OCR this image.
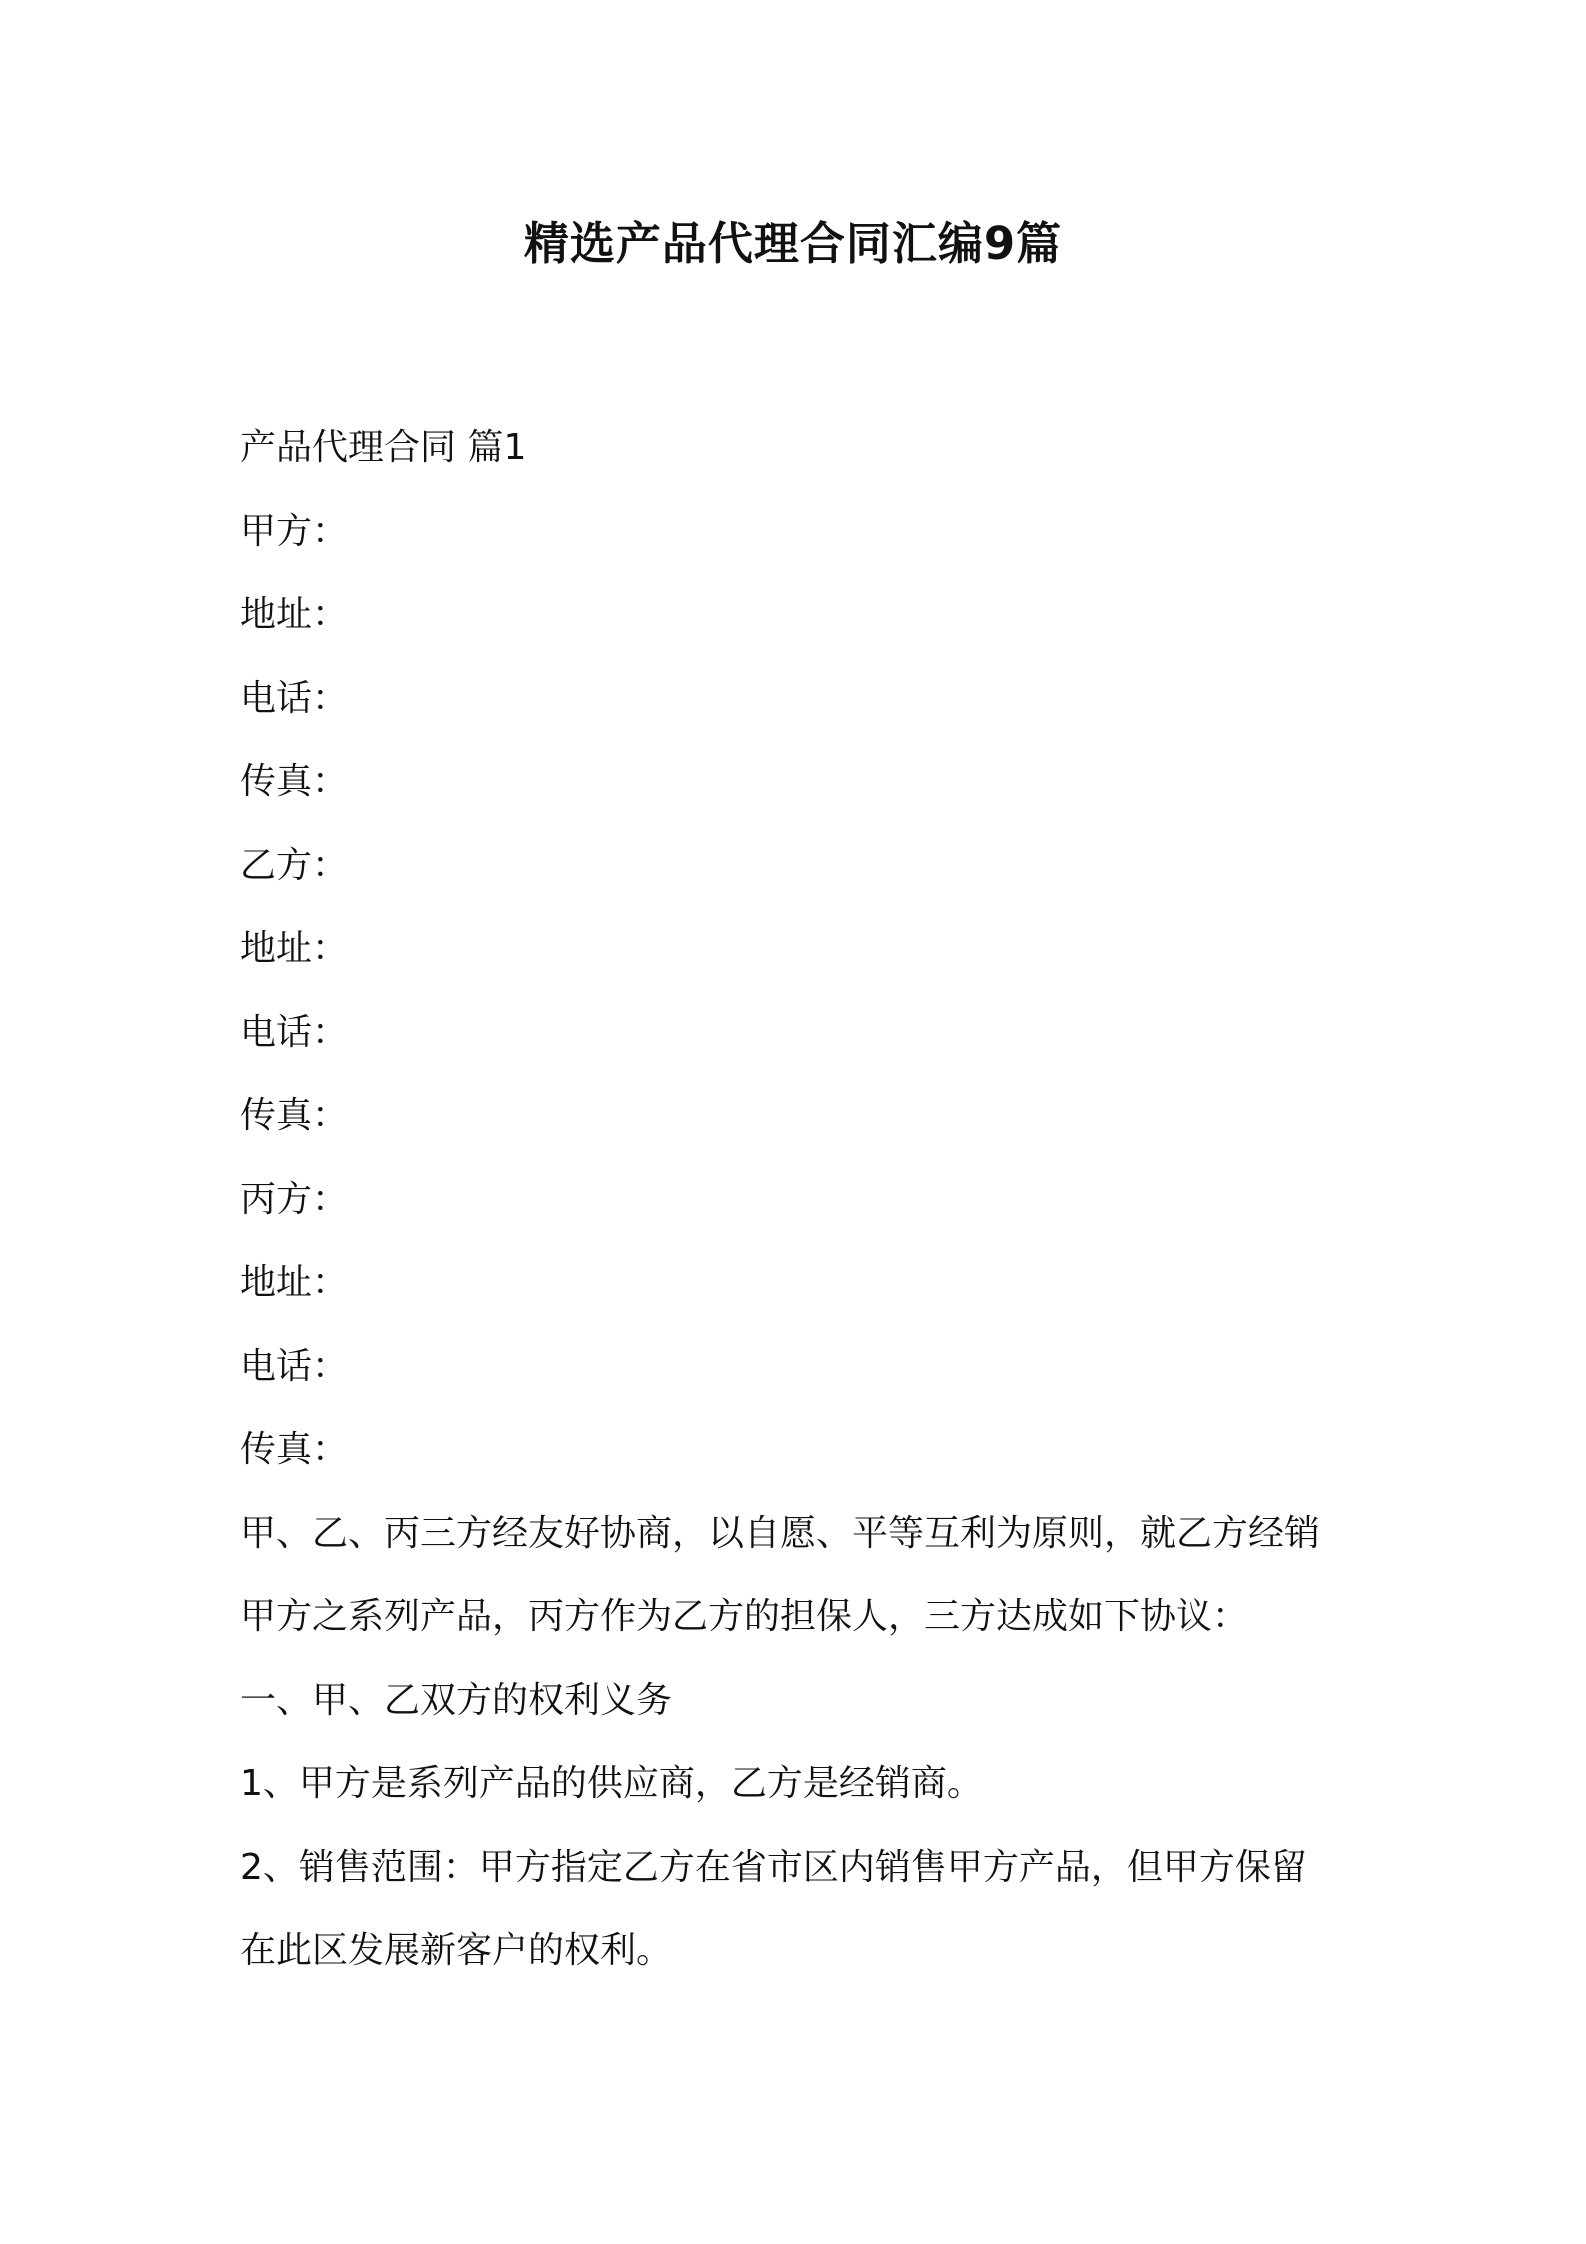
精选产品代理合同汇编9篇
产品代理合同 篇1
甲方：
地址：
电话：
传真：
乙方：
地址：
电话：
传真：
丙方：
地址：
电话：
传真：
甲、乙、丙三方经友好协商，以自愿、平等互利为原则，就乙方经销
甲方之系列产品，丙方作为乙方的担保人，三方达成如下协议：
一、甲、乙双方的权利义务
1、甲方是系列产品的供应商，乙方是经销商。
2、销售范围：甲方指定乙方在省市区内销售甲方产品，但甲方保留
在此区发展新客户的权利。
